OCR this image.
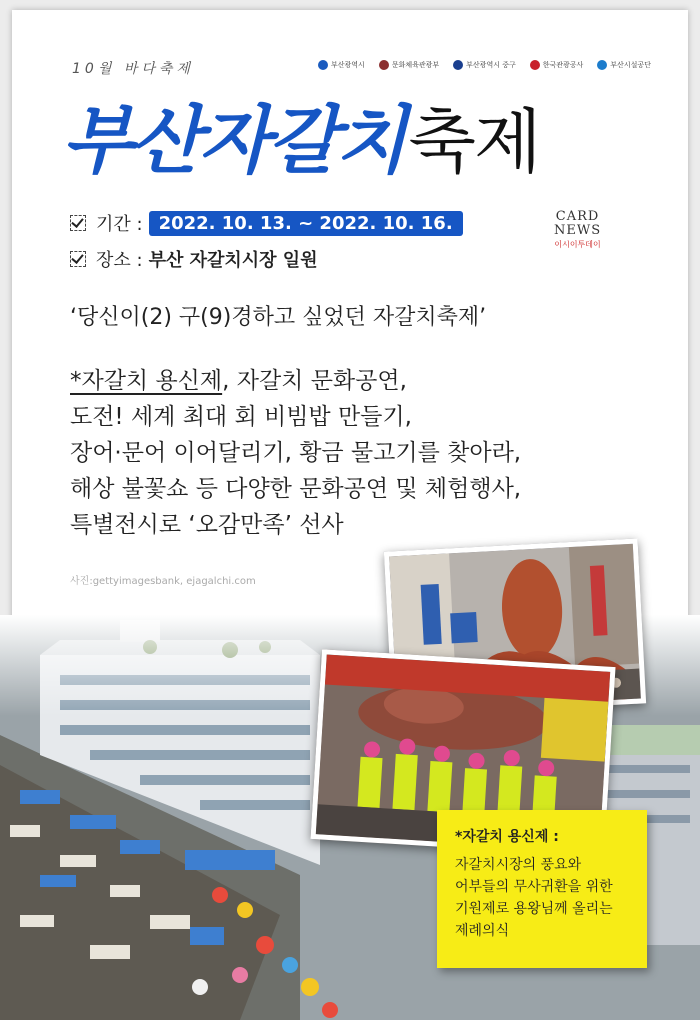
10월 바다축제	부산광역시	문화체육관광부	부산광역시 중구	한국관광공사	부산시설공단
부산자갈치축제
기간 : 2022. 10. 13. ~ 2022. 10. 16.
장소 : 부산 자갈치시장 일원
CARD
NEWS
이시이투데이
‘당신이(2) 구(9)경하고 싶었던 자갈치축제’
*자갈치 용신제, 자갈치 문화공연,
도전! 세계 최대 회 비빔밥 만들기,
장어·문어 이어달리기, 황금 물고기를 찾아라,
해상 불꽃쇼 등 다양한 문화공연 및 체험행사,
특별전시로 ‘오감만족’ 선사
사진:gettyimagesbank, ejagalchi.com
*자갈치 용신제 :
자갈치시장의 풍요와
어부들의 무사귀환을 위한
기원제로 용왕님께 올리는
제례의식
